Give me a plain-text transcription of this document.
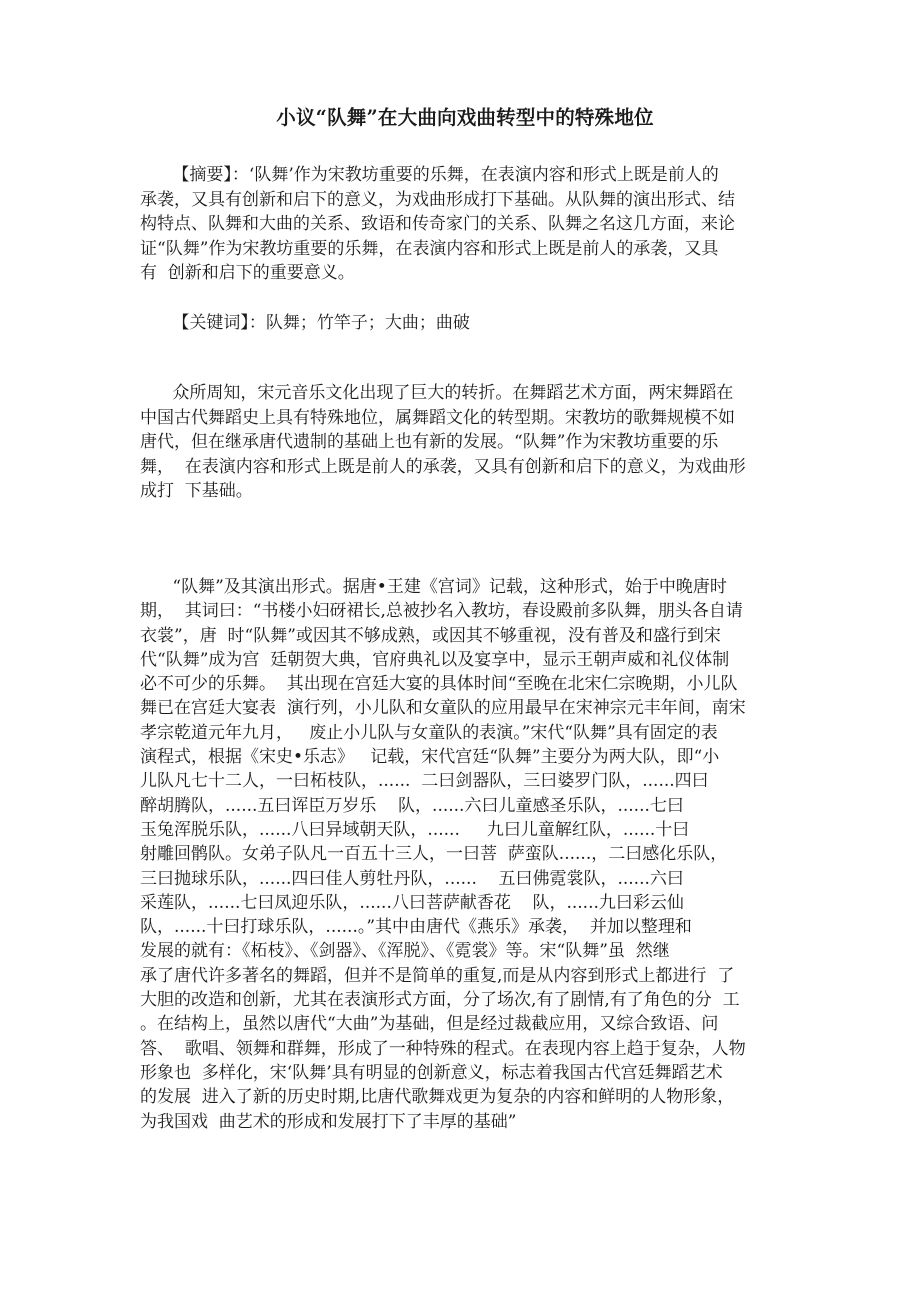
小议“队舞”在大曲向戏曲转型中的特殊地位
【摘要】：‘队舞’作为宋教坊重要的乐舞，在表演内容和形式上既是前人的
承袭，又具有创新和启下的意义，为戏曲形成打下基础。从队舞的演出形式、结
构特点、队舞和大曲的关系、致语和传奇家门的关系、队舞之名这几方面，来论
证“队舞”作为宋教坊重要的乐舞，在表演内容和形式上既是前人的承袭，又具
有  创新和启下的重要意义。
【关键词】：队舞；竹竿子；大曲；曲破
众所周知，宋元音乐文化出现了巨大的转折。在舞蹈艺术方面，两宋舞蹈在
中国古代舞蹈史上具有特殊地位，属舞蹈文化的转型期。宋教坊的歌舞规模不如
唐代，但在继承唐代遗制的基础上也有新的发展。“队舞”作为宋教坊重要的乐
舞，  在表演内容和形式上既是前人的承袭，又具有创新和启下的意义，为戏曲形
成打  下基础。
“队舞”及其演出形式。据唐•王建《宫词》记载，这种形式，始于中晚唐时
期，  其词曰：“书楼小妇砑裙长,总被抄名入教坊，春设殿前多队舞，朋头各自请
衣裳”，唐  时“队舞”或因其不够成熟，或因其不够重视，没有普及和盛行到宋
代“队舞”成为宫  廷朝贺大典，官府典礼以及宴享中，显示王朝声威和礼仪体制
必不可少的乐舞。  其出现在宫廷大宴的具体时间“至晚在北宋仁宗晚期，小儿队
舞已在宫廷大宴表  演行列，小儿队和女童队的应用最早在宋神宗元丰年间，南宋
孝宗乾道元年九月，   废止小儿队与女童队的表演。”宋代“队舞”具有固定的表
演程式，根据《宋史•乐志》   记载，宋代宫廷“队舞”主要分为两大队，即“小
儿队凡七十二人，一曰柘枝队，......  二曰剑器队，三曰婆罗门队，......四曰
醉胡腾队，......五曰诨臣万岁乐    队，......六曰儿童感圣乐队，......七曰
玉兔浑脱乐队，......八曰异域朝天队，......     九曰儿童解红队，......十曰
射雕回鹘队。女弟子队凡一百五十三人，一曰菩  萨蛮队......，二曰感化乐队，
三曰抛球乐队，......四曰佳人剪牡丹队，......    五曰佛霓裳队，......六曰
采莲队，......七曰凤迎乐队，......八曰菩萨献香花    队，......九曰彩云仙
队，......十曰打球乐队，......。”其中由唐代《燕乐》承袭，  并加以整理和
发展的就有：《柘枝》、《剑器》、《浑脱》、《霓裳》等。宋“队舞”虽  然继
承了唐代许多著名的舞蹈，但并不是简单的重复,而是从内容到形式上都进行  了
大胆的改造和创新，尤其在表演形式方面，分了场次,有了剧情,有了角色的分  工
。在结构上，虽然以唐代“大曲”为基础，但是经过裁截应用，又综合致语、问
答、  歌唱、领舞和群舞，形成了一种特殊的程式。在表现内容上趋于复杂，人物
形象也  多样化，宋‘队舞’具有明显的创新意义，标志着我国古代宫廷舞蹈艺术
的发展  进入了新的历史时期,比唐代歌舞戏更为复杂的内容和鲜明的人物形象，
为我国戏  曲艺术的形成和发展打下了丰厚的基础”
